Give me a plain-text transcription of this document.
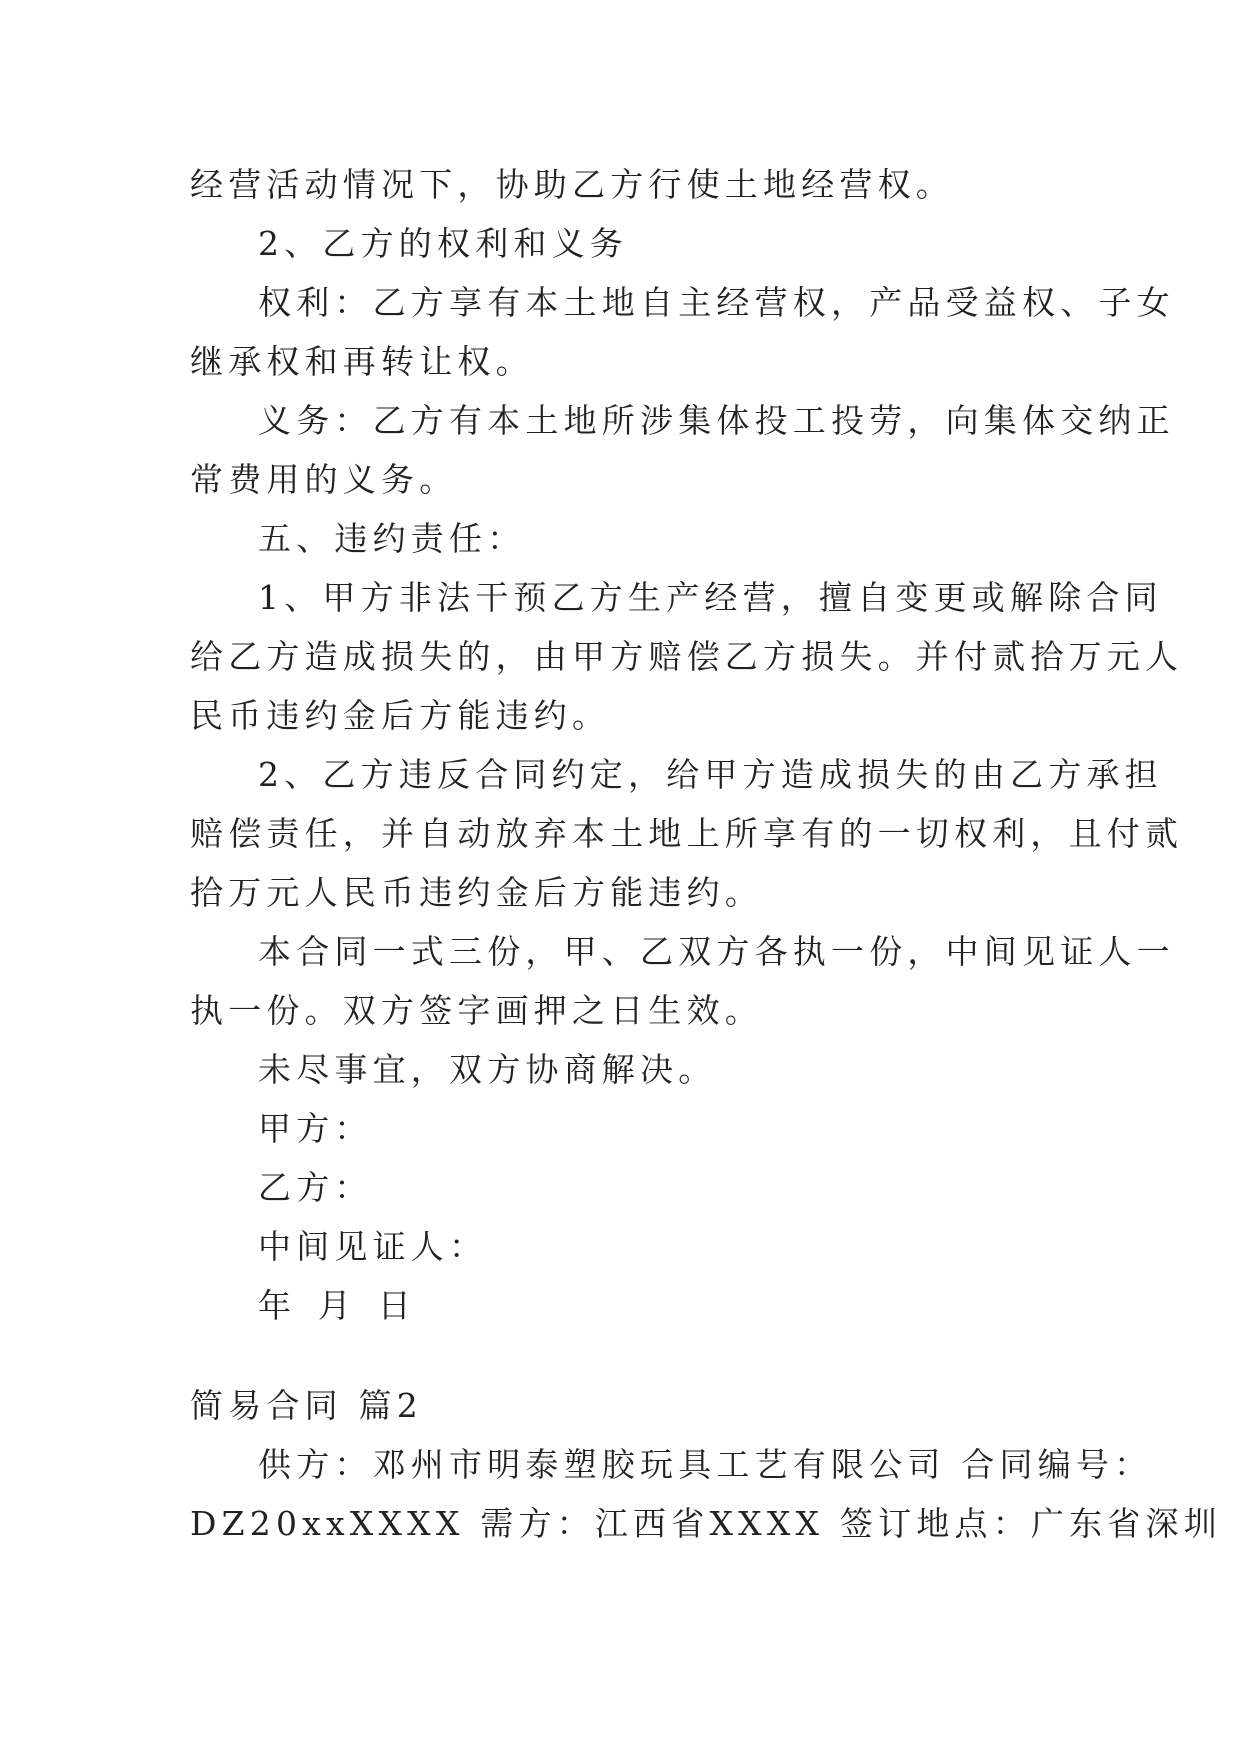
经营活动情况下，协助乙方行使土地经营权。
2、乙方的权利和义务
权利：乙方享有本土地自主经营权，产品受益权、子女
继承权和再转让权。
义务：乙方有本土地所涉集体投工投劳，向集体交纳正
常费用的义务。
五、违约责任：
1、甲方非法干预乙方生产经营，擅自变更或解除合同
给乙方造成损失的，由甲方赔偿乙方损失。并付贰拾万元人
民币违约金后方能违约。
2、乙方违反合同约定，给甲方造成损失的由乙方承担
赔偿责任，并自动放弃本土地上所享有的一切权利，且付贰
拾万元人民币违约金后方能违约。
本合同一式三份，甲、乙双方各执一份，中间见证人一
执一份。双方签字画押之日生效。
未尽事宜，双方协商解决。
甲方：
乙方：
中间见证人：
年 月 日
简易合同 篇2
供方：邓州市明泰塑胶玩具工艺有限公司 合同编号：
DZ20xxXXXX 需方：江西省XXXX 签订地点：广东省深圳
